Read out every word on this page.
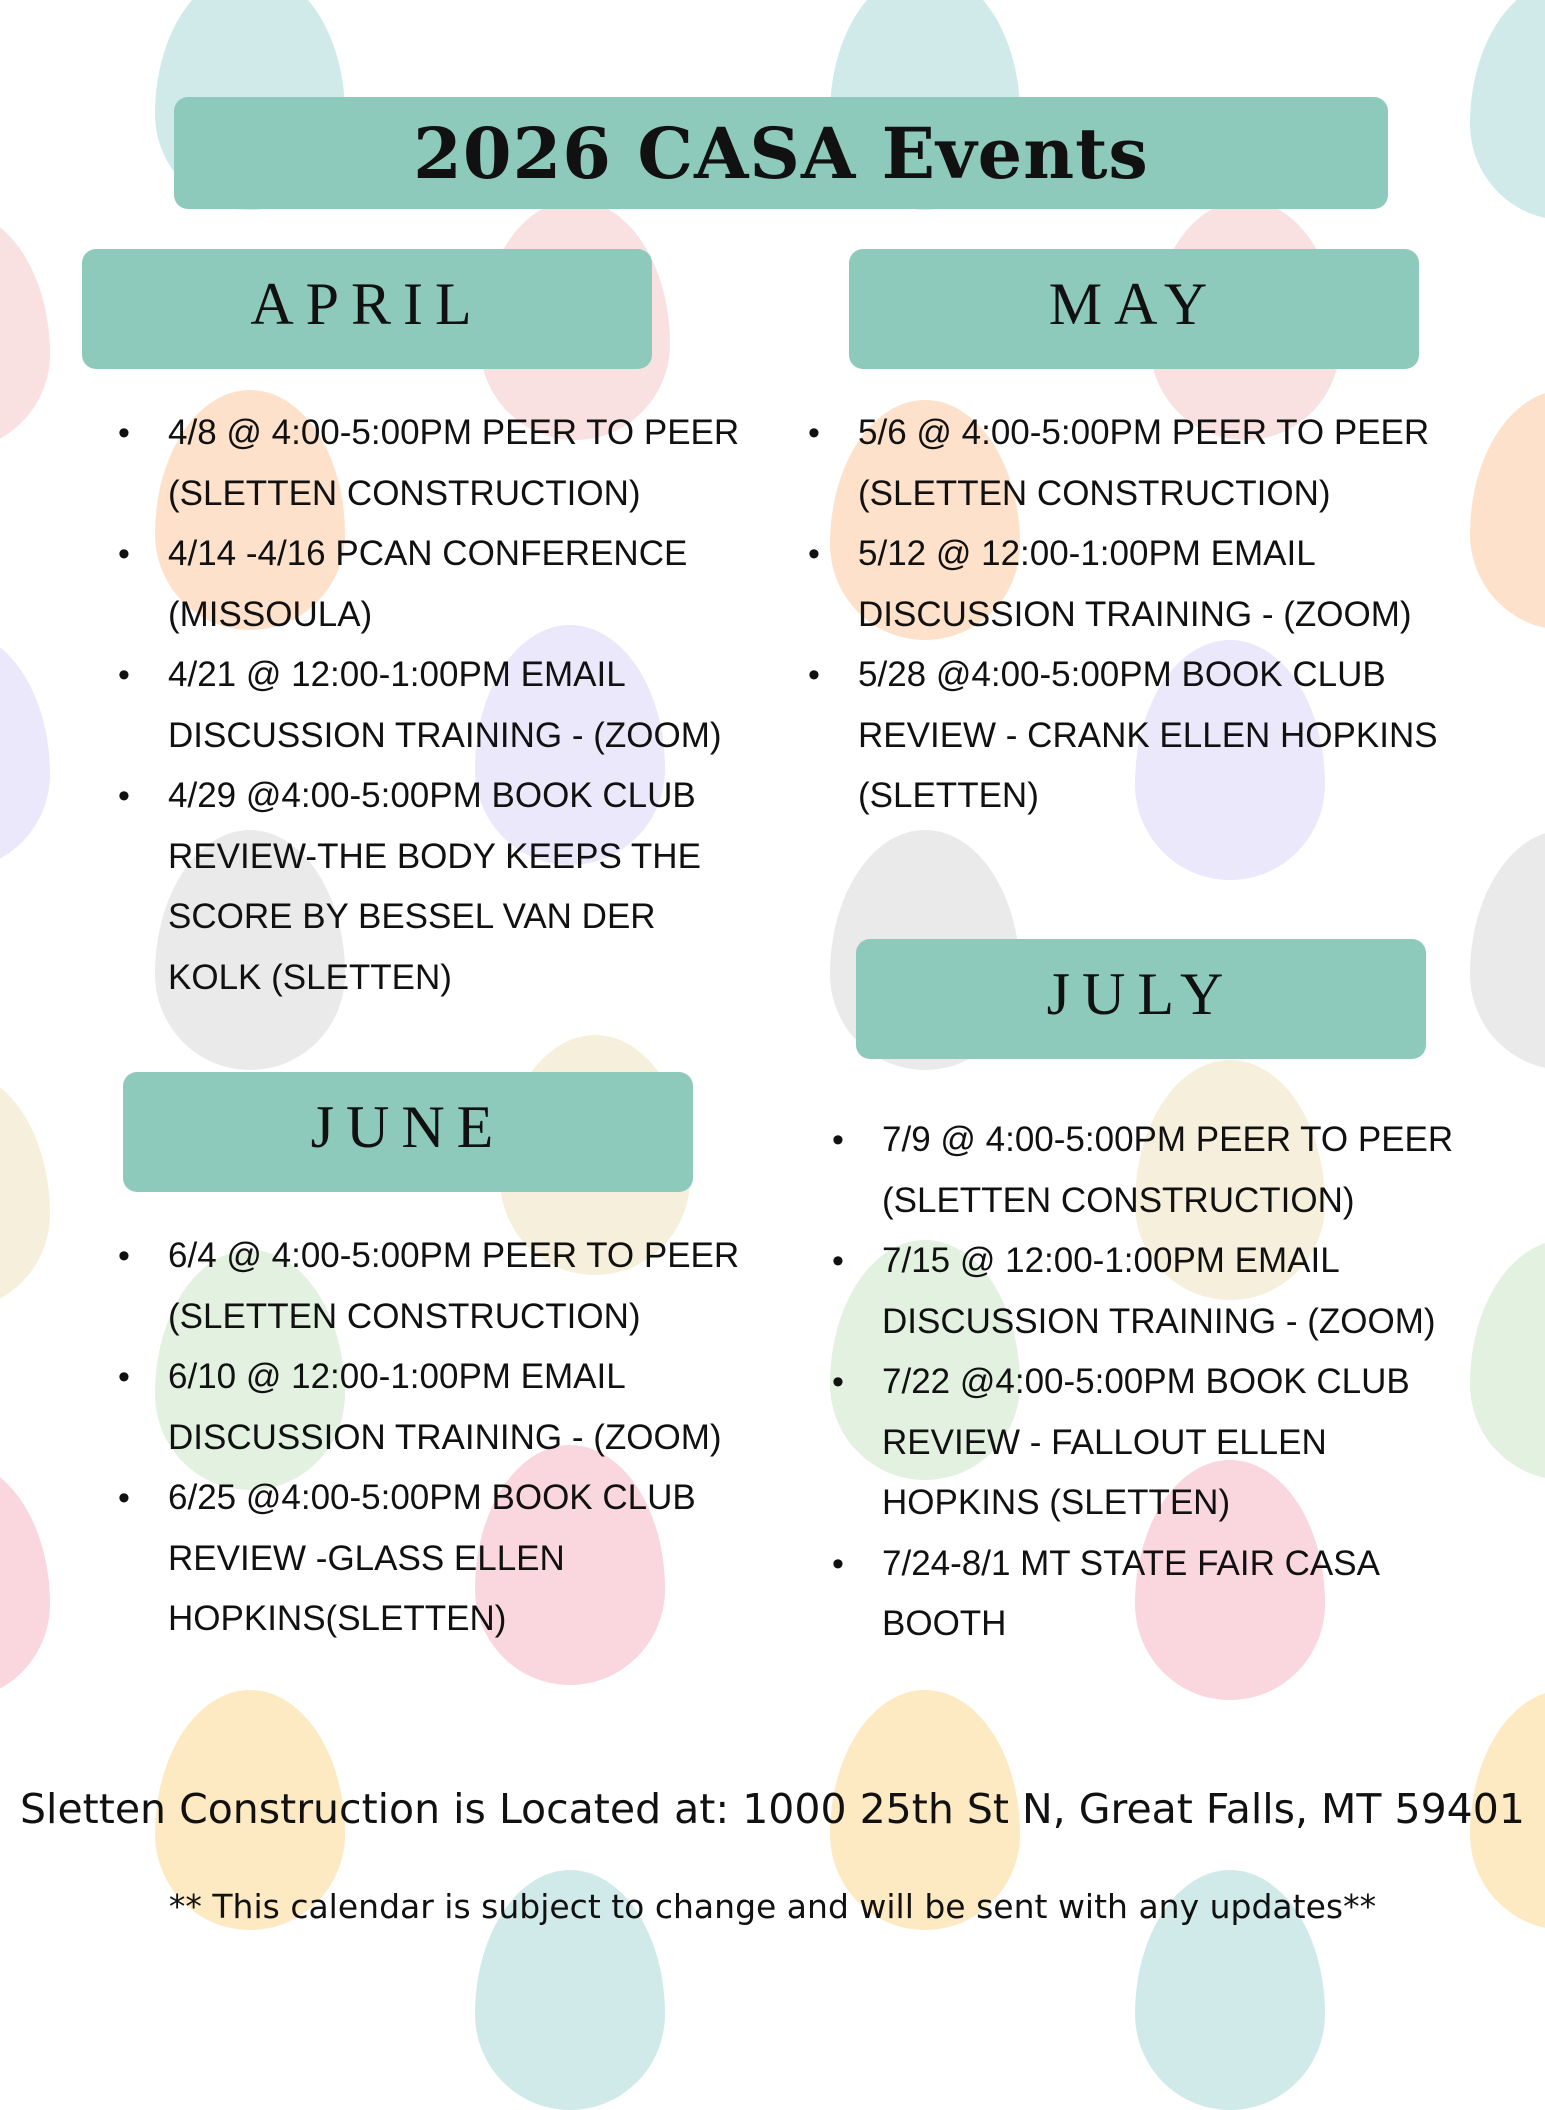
2026 CASA Events
APRIL
• 4/8 @ 4:00-5:00PM PEER TO PEER (SLETTEN CONSTRUCTION)
• 4/14 -4/16 PCAN CONFERENCE (MISSOULA)
• 4/21 @ 12:00-1:00PM EMAIL DISCUSSION TRAINING - (ZOOM)
• 4/29 @4:00-5:00PM BOOK CLUB REVIEW-THE BODY KEEPS THE SCORE BY BESSEL VAN DER KOLK (SLETTEN)
MAY
• 5/6 @ 4:00-5:00PM PEER TO PEER (SLETTEN CONSTRUCTION)
• 5/12 @ 12:00-1:00PM EMAIL DISCUSSION TRAINING - (ZOOM)
• 5/28 @4:00-5:00PM BOOK CLUB REVIEW - CRANK ELLEN HOPKINS (SLETTEN)
JUNE
• 6/4 @ 4:00-5:00PM PEER TO PEER (SLETTEN CONSTRUCTION)
• 6/10 @ 12:00-1:00PM EMAIL DISCUSSION TRAINING - (ZOOM)
• 6/25 @4:00-5:00PM BOOK CLUB REVIEW -GLASS ELLEN HOPKINS(SLETTEN)
JULY
• 7/9 @ 4:00-5:00PM PEER TO PEER (SLETTEN CONSTRUCTION)
• 7/15 @ 12:00-1:00PM EMAIL DISCUSSION TRAINING - (ZOOM)
• 7/22 @4:00-5:00PM BOOK CLUB REVIEW - FALLOUT ELLEN HOPKINS (SLETTEN)
• 7/24-8/1 MT STATE FAIR CASA BOOTH
Sletten Construction is Located at: 1000 25th St N, Great Falls, MT 59401
** This calendar is subject to change and will be sent with any updates**
